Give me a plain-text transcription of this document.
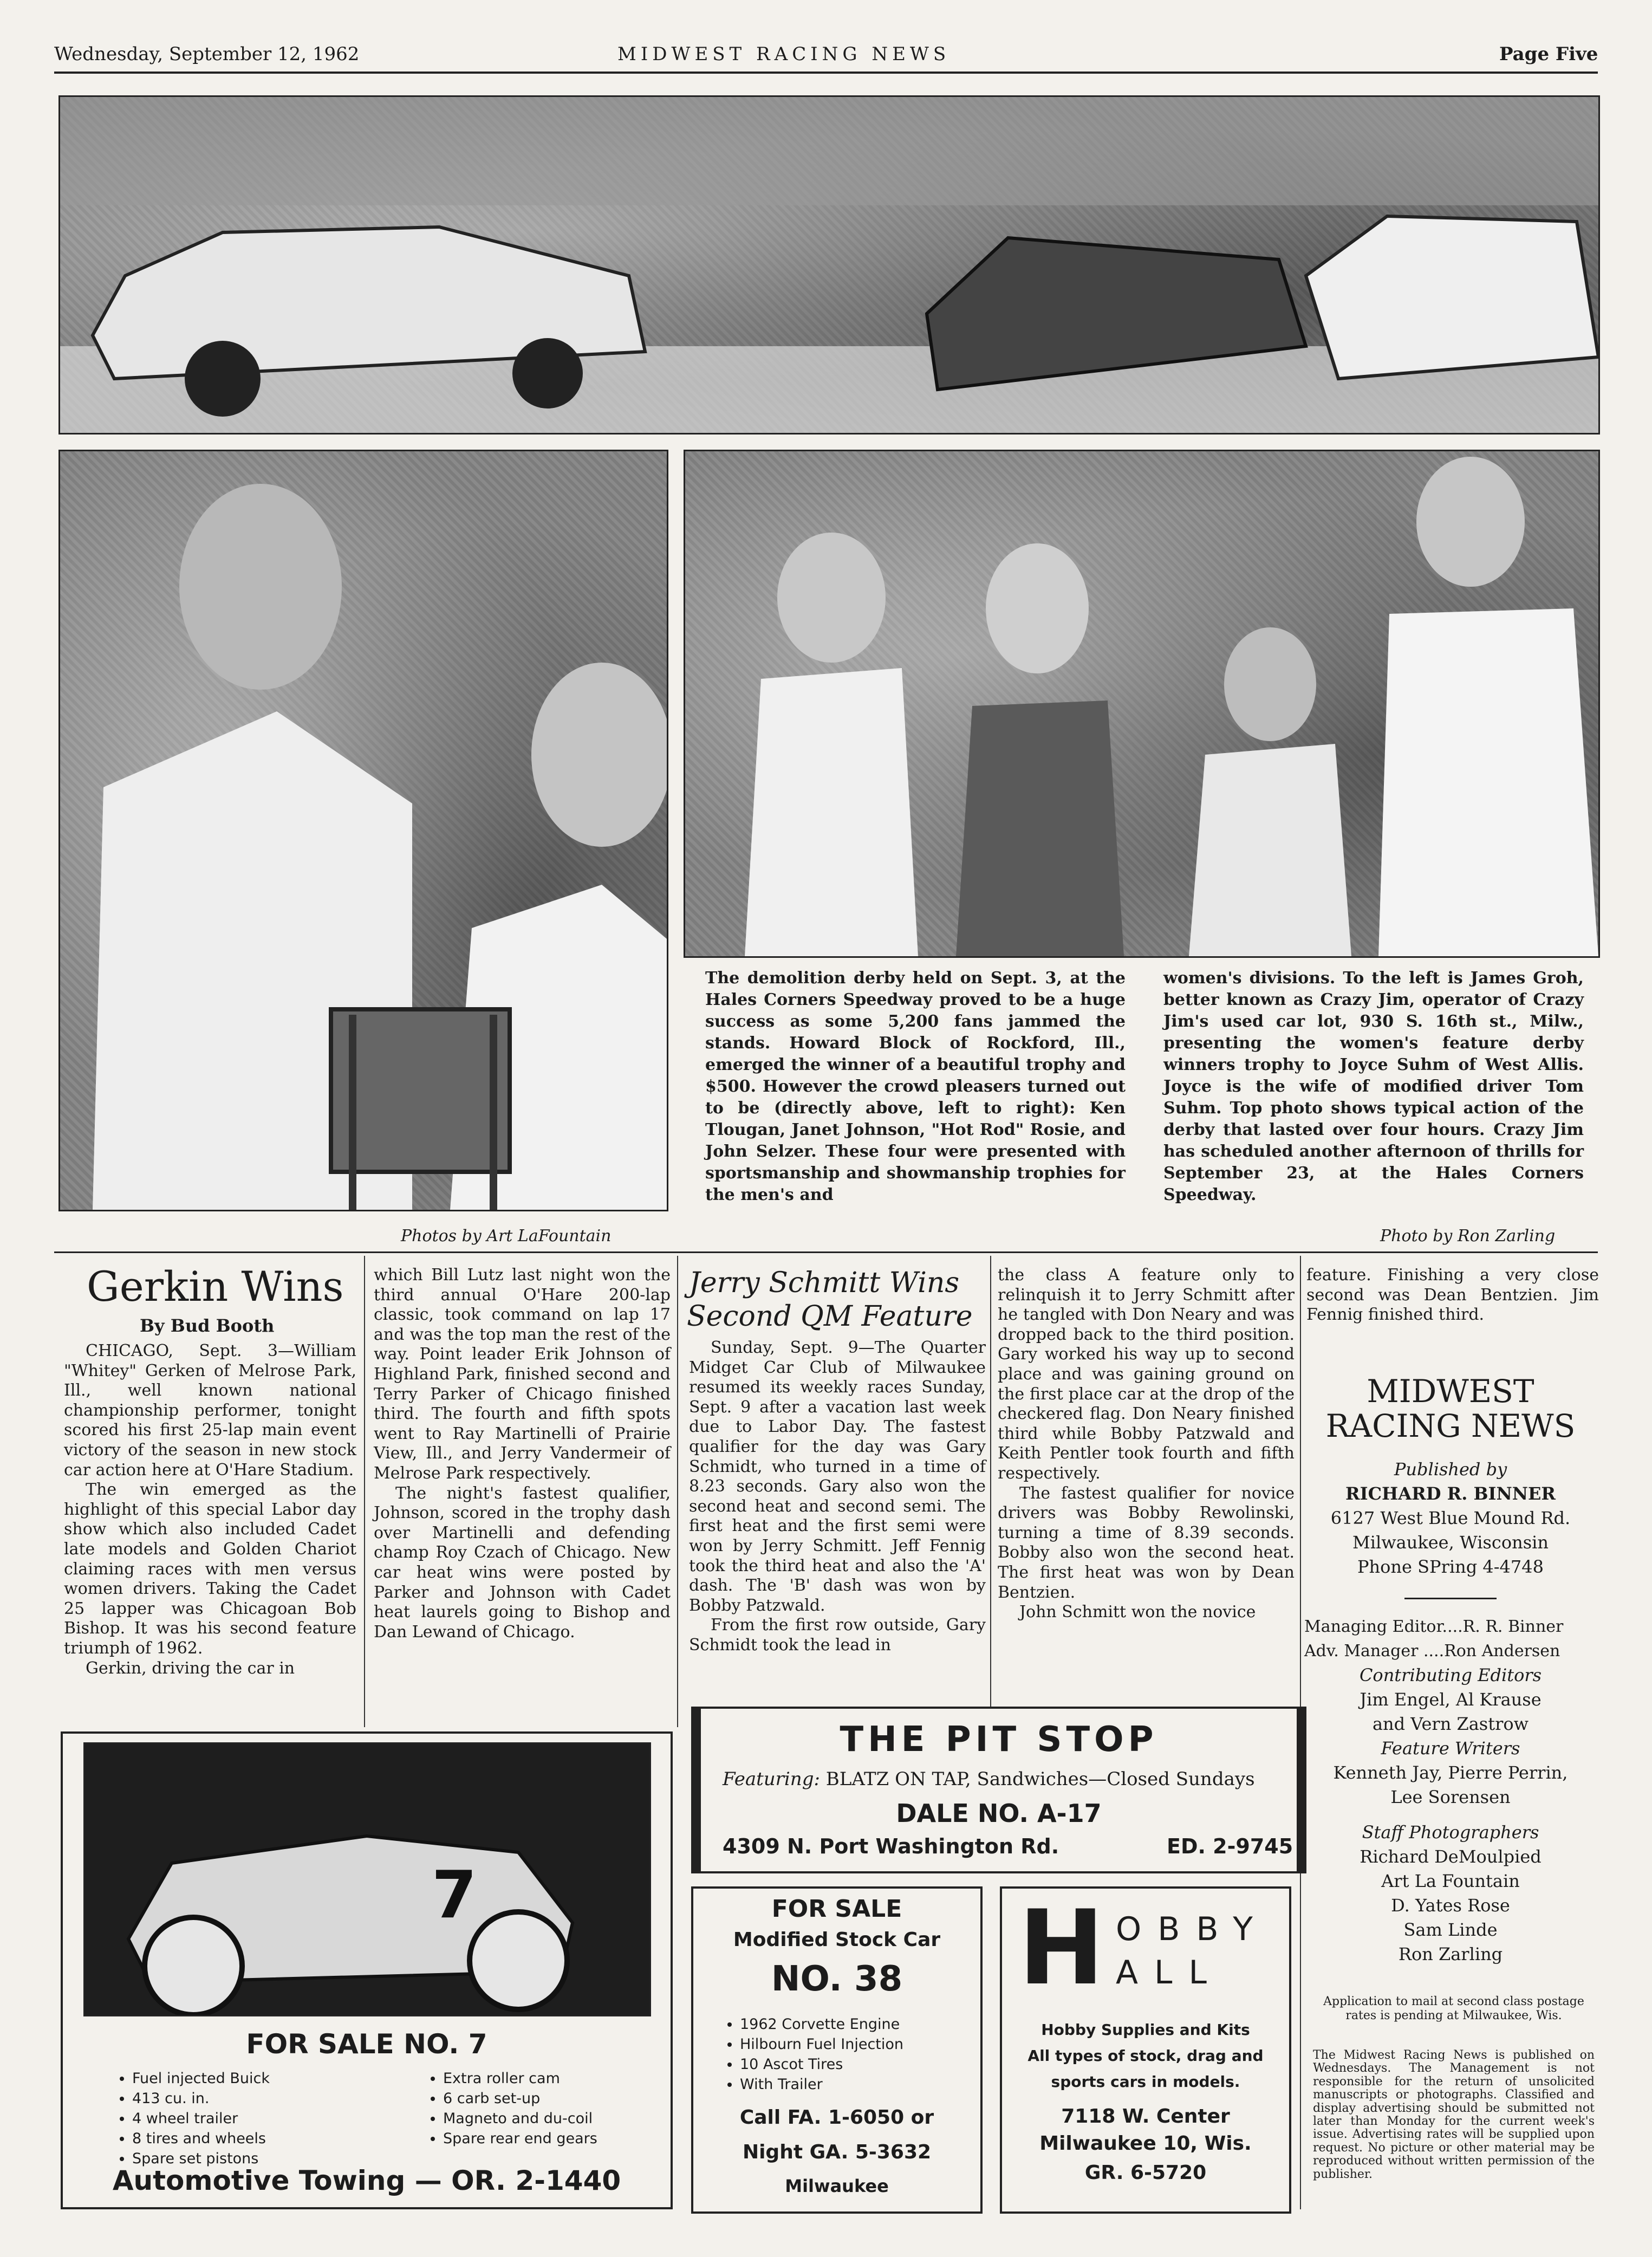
Wednesday, September 12, 1962	MIDWEST RACING NEWS	Page Five
Photos by Art LaFountain

The demolition derby held on Sept. 3, at the Hales Corners Speedway proved to be a huge success as some 5,200 fans jammed the stands. Howard Block of Rockford, Ill., emerged the winner of a beautiful trophy and $500. However the crowd pleasers turned out to be (directly above, left to right): Ken Tlougan, Janet Johnson, "Hot Rod" Rosie, and John Selzer. These four were presented with sportsmanship and showmanship trophies for the men's and

women's divisions. To the left is James Groh, better known as Crazy Jim, operator of Crazy Jim's used car lot, 930 S. 16th st., Milw., presenting the women's feature derby winners trophy to Joyce Suhm of West Allis. Joyce is the wife of modified driver Tom Suhm. Top photo shows typical action of the derby that lasted over four hours. Crazy Jim has scheduled another afternoon of thrills for September 23, at the Hales Corners Speedway.

Photo by Ron Zarling
Gerkin Wins
By Bud Booth

CHICAGO, Sept. 3—William "Whitey" Gerken of Melrose Park, Ill., well known national championship performer, tonight scored his first 25-lap main event victory of the season in new stock car action here at O'Hare Stadium.

The win emerged as the highlight of this special Labor day show which also included Cadet late models and Golden Chariot claiming races with men versus women drivers. Taking the Cadet 25 lapper was Chicagoan Bob Bishop. It was his second feature triumph of 1962.

Gerkin, driving the car in

which Bill Lutz last night won the third annual O'Hare 200-lap classic, took command on lap 17 and was the top man the rest of the way. Point leader Erik Johnson of Highland Park, finished second and Terry Parker of Chicago finished third. The fourth and fifth spots went to Ray Martinelli of Prairie View, Ill., and Jerry Vandermeir of Melrose Park respectively.

The night's fastest qualifier, Johnson, scored in the trophy dash over Martinelli and defending champ Roy Czach of Chicago. New car heat wins were posted by Parker and Johnson with Cadet heat laurels going to Bishop and Dan Lewand of Chicago.

Jerry Schmitt Wins
Second QM Feature

Sunday, Sept. 9—The Quarter Midget Car Club of Milwaukee resumed its weekly races Sunday, Sept. 9 after a vacation last week due to Labor Day. The fastest qualifier for the day was Gary Schmidt, who turned in a time of 8.23 seconds. Gary also won the second heat and second semi. The first heat and the first semi were won by Jerry Schmitt. Jeff Fennig took the third heat and also the 'A' dash. The 'B' dash was won by Bobby Patzwald.

From the first row outside, Gary Schmidt took the lead in

the class A feature only to relinquish it to Jerry Schmitt after he tangled with Don Neary and was dropped back to the third position. Gary worked his way up to second place and was gaining ground on the first place car at the drop of the checkered flag. Don Neary finished third while Bobby Patzwald and Keith Pentler took fourth and fifth respectively.

The fastest qualifier for novice drivers was Bobby Rewolinski, turning a time of 8.39 seconds. Bobby also won the second heat. The first heat was won by Dean Bentzien.

John Schmitt won the novice

feature. Finishing a very close second was Dean Bentzien. Jim Fennig finished third.

MIDWEST
RACING NEWS
Published by
RICHARD R. BINNER
6127 West Blue Mound Rd.
Milwaukee, Wisconsin
Phone SPring 4-4748
Managing Editor....R. R. Binner
Adv. Manager ....Ron Andersen
Contributing Editors
Jim Engel, Al Krause
and Vern Zastrow
Feature Writers
Kenneth Jay, Pierre Perrin,
Lee Sorensen
Staff Photographers
Richard DeMoulpied
Art La Fountain
D. Yates Rose
Sam Linde
Ron Zarling
Application to mail at second class postage rates is pending at Milwaukee, Wis.
The Midwest Racing News is published on Wednesdays. The Management is not responsible for the return of unsolicited manuscripts or photographs. Classified and display advertising should be submitted not later than Monday for the current week's issue. Advertising rates will be supplied upon request. No picture or other material may be reproduced without written permission of the publisher.
7
FOR SALE NO. 7
• Fuel injected Buick
• 413 cu. in.
• 4 wheel trailer
• 8 tires and wheels
• Spare set pistons
• Extra roller cam
• 6 carb set-up
• Magneto and du-coil
• Spare rear end gears
Automotive Towing — OR. 2-1440
THE PIT STOP
Featuring: BLATZ ON TAP, Sandwiches—Closed Sundays
DALE NO. A-17
4309 N. Port Washington Rd.	ED. 2-9745
FOR SALE
Modified Stock Car
NO. 38
• 1962 Corvette Engine
• Hilbourn Fuel Injection
• 10 Ascot Tires
• With Trailer
Call FA. 1-6050 or
Night GA. 5-3632
Milwaukee
H OBBY
ALL
Hobby Supplies and Kits
All types of stock, drag and
sports cars in models.
7118 W. Center
Milwaukee 10, Wis.
GR. 6-5720
